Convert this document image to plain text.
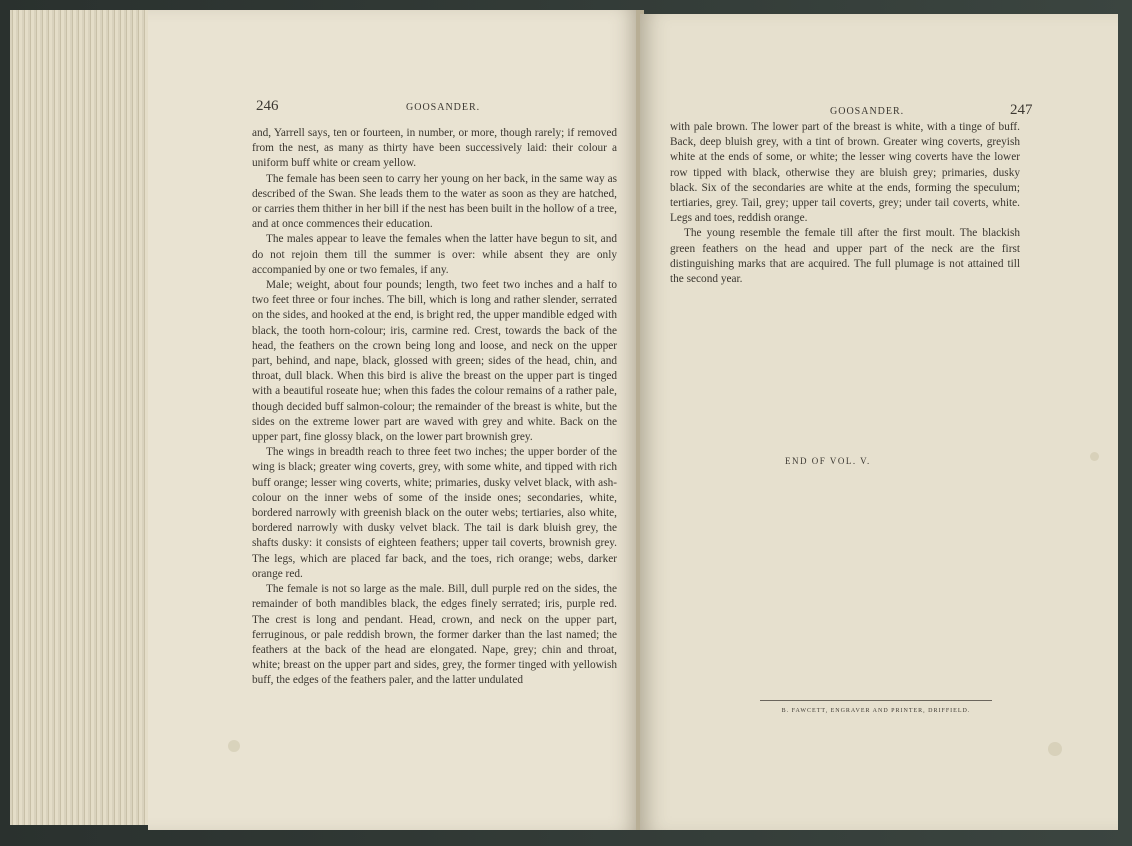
246	GOOSANDER.

and, Yarrell says, ten or fourteen, in number, or more, though rarely; if removed from the nest, as many as thirty have been successively laid: their colour a uniform buff white or cream yellow.

The female has been seen to carry her young on her back, in the same way as described of the Swan. She leads them to the water as soon as they are hatched, or carries them thither in her bill if the nest has been built in the hollow of a tree, and at once commences their education.

The males appear to leave the females when the latter have begun to sit, and do not rejoin them till the summer is over: while absent they are only accompanied by one or two females, if any.

Male; weight, about four pounds; length, two feet two inches and a half to two feet three or four inches. The bill, which is long and rather slender, serrated on the sides, and hooked at the end, is bright red, the upper mandible edged with black, the tooth horn-colour; iris, carmine red. Crest, towards the back of the head, the feathers on the crown being long and loose, and neck on the upper part, behind, and nape, black, glossed with green; sides of the head, chin, and throat, dull black. When this bird is alive the breast on the upper part is tinged with a beautiful roseate hue; when this fades the colour remains of a rather pale, though decided buff salmon-colour; the remainder of the breast is white, but the sides on the extreme lower part are waved with grey and white. Back on the upper part, fine glossy black, on the lower part brownish grey.

The wings in breadth reach to three feet two inches; the upper border of the wing is black; greater wing coverts, grey, with some white, and tipped with rich buff orange; lesser wing coverts, white; primaries, dusky velvet black, with ash-colour on the inner webs of some of the inside ones; secondaries, white, bordered narrowly with greenish black on the outer webs; tertiaries, also white, bordered narrowly with dusky velvet black. The tail is dark bluish grey, the shafts dusky: it consists of eighteen feathers; upper tail coverts, brownish grey. The legs, which are placed far back, and the toes, rich orange; webs, darker orange red.

The female is not so large as the male. Bill, dull purple red on the sides, the remainder of both mandibles black, the edges finely serrated; iris, purple red. The crest is long and pendant. Head, crown, and neck on the upper part, ferruginous, or pale reddish brown, the former darker than the last named; the feathers at the back of the head are elongated. Nape, grey; chin and throat, white; breast on the upper part and sides, grey, the former tinged with yellowish buff, the edges of the feathers paler, and the latter undulated

GOOSANDER.	247

with pale brown. The lower part of the breast is white, with a tinge of buff. Back, deep bluish grey, with a tint of brown. Greater wing coverts, greyish white at the ends of some, or white; the lesser wing coverts have the lower row tipped with black, otherwise they are bluish grey; primaries, dusky black. Six of the secondaries are white at the ends, forming the speculum; tertiaries, grey. Tail, grey; upper tail coverts, grey; under tail coverts, white. Legs and toes, reddish orange.

The young resemble the female till after the first moult. The blackish green feathers on the head and upper part of the neck are the first distinguishing marks that are acquired. The full plumage is not attained till the second year.

END OF VOL. V.
B. FAWCETT, ENGRAVER AND PRINTER, DRIFFIELD.
